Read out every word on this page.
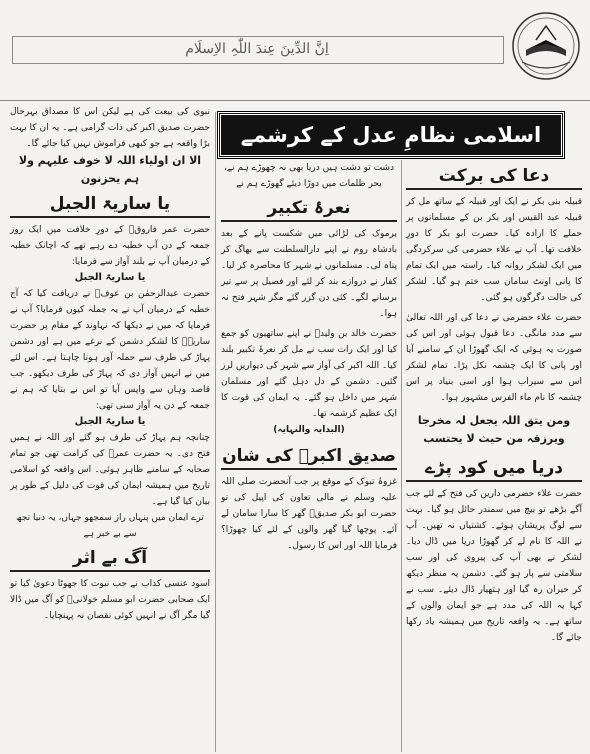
اِنَّ الدِّینَ عِندَ اللّٰہِ الاِسلَام
اسلامی نظامِ عدل کے کرشمے
دعا کی برکت

قبیلہ بنی بکر نے ایک اور قبیلہ کے ساتھ مل کر قبیلہ عبد القیس اور بکر بن کے مسلمانوں پر حملے کا ارادہ کیا۔ حضرت ابو بکر کا دورِ خلافت تھا۔ آپ نے علاء حضرمی کی سرکردگی میں ایک لشکر روانہ کیا۔ راستہ میں ایک تمام کا پانی اونٹ سامان سب ختم ہو گیا۔ لشکر کی حالت دگرگوں ہو گئی۔

حضرت علاء حضرمی نے دعا کی اور اللہ تعالیٰ سے مدد مانگی۔ دعا قبول ہوئی اور اس کی صورت یہ ہوئی کہ ایک گھوڑا ان کے سامنے آیا اور پانی کا ایک چشمہ نکل پڑا۔ تمام لشکر اس سے سیراب ہوا اور اسی بنیاد پر اس چشمہ کا نام ماء الفرس مشہور ہوا۔

ومن یتق اللہ یجعل لہ مخرجا ویرزقہ من حیث لا یحتسب
دریا میں کود پڑے

حضرت علاء حضرمی دارین کی فتح کے لئے جب آگے بڑھے تو بیچ میں سمندر حائل ہو گیا۔ بہت سے لوگ پریشان ہوئے۔ کشتیاں نہ تھیں۔ آپ نے اللہ کا نام لے کر گھوڑا دریا میں ڈال دیا۔ لشکر نے بھی آپ کی پیروی کی اور سب سلامتی سے پار ہو گئے۔ دشمن یہ منظر دیکھ کر حیران رہ گیا اور ہتھیار ڈال دیئے۔ سب نے کہا یہ اللہ کی مدد ہے جو ایمان والوں کے ساتھ ہے۔ یہ واقعہ تاریخ میں ہمیشہ یاد رکھا جائے گا۔

دشت تو دشت ہیں دریا بھی نہ چھوڑے ہم نے، بحر ظلمات میں دوڑا دیئے گھوڑے ہم نے

نعرۂ تکبیر

یرموک کی لڑائی میں شکست پانے کے بعد بادشاہ روم نے اپنے دارالسلطنت سے بھاگ کر پناہ لی۔ مسلمانوں نے شہر کا محاصرہ کر لیا۔ کفار نے دروازے بند کر لئے اور فصیل پر سے تیر برسانے لگے۔ کئی دن گزر گئے مگر شہر فتح نہ ہوا۔

حضرت خالد بن ولیدؓ نے اپنے ساتھیوں کو جمع کیا اور ایک رات سب نے مل کر نعرۂ تکبیر بلند کیا۔ اللہ اکبر کی آواز سے شہر کی دیواریں لرز گئیں۔ دشمن کے دل دہل گئے اور مسلمان شہر میں داخل ہو گئے۔ یہ ایمان کی قوت کا ایک عظیم کرشمہ تھا۔

(البدایہ والنہایہ)

صدیق اکبرؓ کی شان

غزوۂ تبوک کے موقع پر جب آنحضرت صلی اللہ علیہ وسلم نے مالی تعاون کی اپیل کی تو حضرت ابو بکر صدیقؓ گھر کا سارا سامان لے آئے۔ پوچھا گیا گھر والوں کے لئے کیا چھوڑا؟ فرمایا اللہ اور اس کا رسول۔

نبوی کی بیعت کی ہے لیکن اس کا مصداق بہرحال حضرت صدیق اکبر کی ذات گرامی ہے۔ یہ ان کا بہت بڑا واقعہ ہے جو کبھی فراموش نہیں کیا جائے گا۔

الا ان اولیاء اللہ لا خوف علیہم ولا ہم یحزنون
یا ساریۃ الجبل

حضرت عمر فاروقؓ کے دورِ خلافت میں ایک روز جمعہ کے دن آپ خطبہ دے رہے تھے کہ اچانک خطبہ کے درمیان آپ نے بلند آواز سے فرمایا:

یا ساریۃ الجبل

حضرت عبدالرحمٰن بن عوفؓ نے دریافت کیا کہ آج خطبہ کے درمیان آپ نے یہ جملہ کیوں فرمایا؟ آپ نے فرمایا کہ میں نے دیکھا کہ نہاوند کے مقام پر حضرت ساریہؓ کا لشکر دشمن کے نرغے میں ہے اور دشمن پہاڑ کی طرف سے حملہ آور ہونا چاہتا ہے۔ اس لئے میں نے انہیں آواز دی کہ پہاڑ کی طرف دیکھو۔ جب قاصد وہاں سے واپس آیا تو اس نے بتایا کہ ہم نے جمعہ کے دن یہ آواز سنی تھی:

یا ساریۃ الجبل

چنانچہ ہم پہاڑ کی طرف ہو گئے اور اللہ نے ہمیں فتح دی۔ یہ حضرت عمرؓ کی کرامت تھی جو تمام صحابہ کے سامنے ظاہر ہوئی۔ اس واقعہ کو اسلامی تاریخ میں ہمیشہ ایمان کی قوت کی دلیل کے طور پر بیان کیا گیا ہے۔

ترے ایمان میں پنہاں راز سمجھو جہاں، یہ دنیا تجھ سے بے خبر ہے

آگ بے اثر

اسود عنسی کذاب نے جب نبوت کا جھوٹا دعویٰ کیا تو ایک صحابی حضرت ابو مسلم خولانیؓ کو آگ میں ڈالا گیا مگر آگ نے انہیں کوئی نقصان نہ پہنچایا۔
